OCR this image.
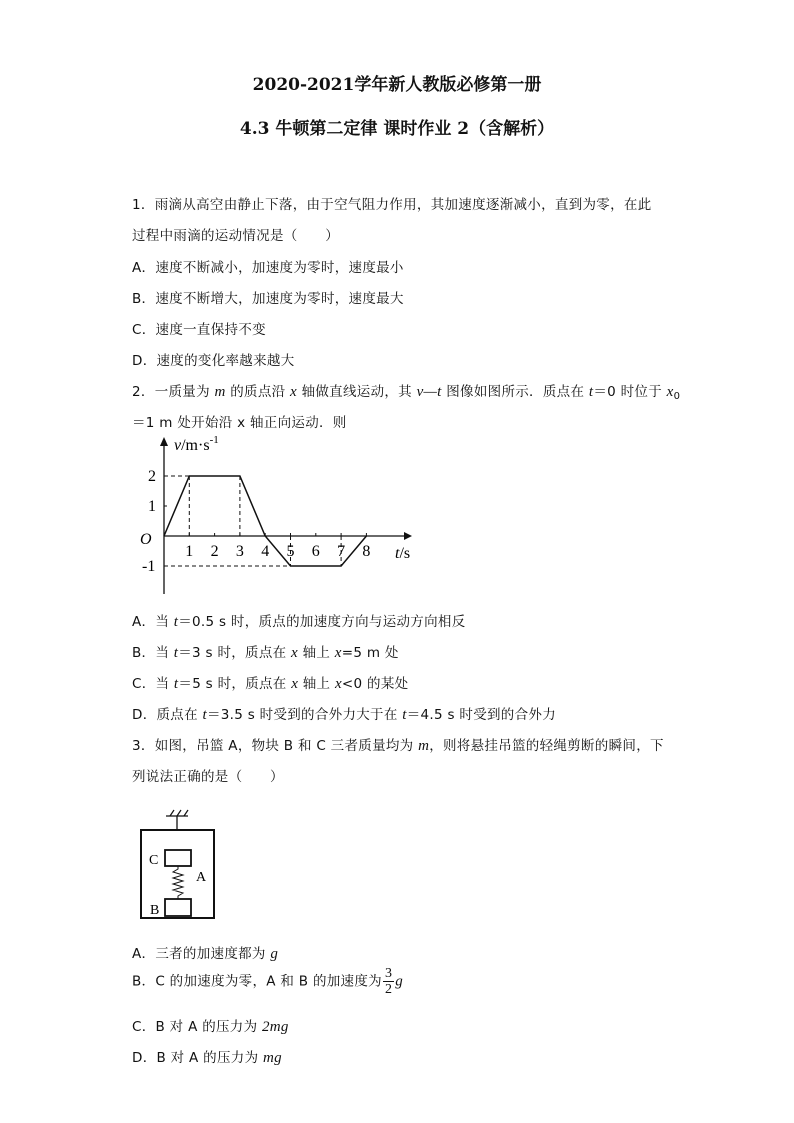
2020-2021学年新人教版必修第一册
4.3 牛顿第二定律 课时作业 2（含解析）
1．雨滴从高空由静止下落，由于空气阻力作用，其加速度逐渐减小，直到为零，在此
过程中雨滴的运动情况是（　　）
A．速度不断减小，加速度为零时，速度最小
B．速度不断增大，加速度为零时，速度最大
C．速度一直保持不变
D．速度的变化率越来越大
2．一质量为 m 的质点沿 x 轴做直线运动，其 v—t 图像如图所示．质点在 t＝0 时位于 $x_0$
＝1 m 处开始沿 x 轴正向运动．则
1 2 3 4 5 6 7 8
2
1
-1
O
$v/m\cdot s^{-1}$
t/s
A．当 t＝0.5 s 时，质点的加速度方向与运动方向相反
B．当 t＝3 s 时，质点在 x 轴上 x=5 m 处
C．当 t＝5 s 时，质点在 x 轴上 x<0 的某处
D．质点在 t＝3.5 s 时受到的合外力大于在 t＝4.5 s 时受到的合外力
3．如图，吊篮 A，物块 B 和 C 三者质量均为 m，则将悬挂吊篮的轻绳剪断的瞬间，下
列说法正确的是（　　）
C
A
B
A．三者的加速度都为 g
B．C 的加速度为零，A 和 B 的加速度为 $\frac{3}{2}$ g
C．B 对 A 的压力为 2mg
D．B 对 A 的压力为 mg
